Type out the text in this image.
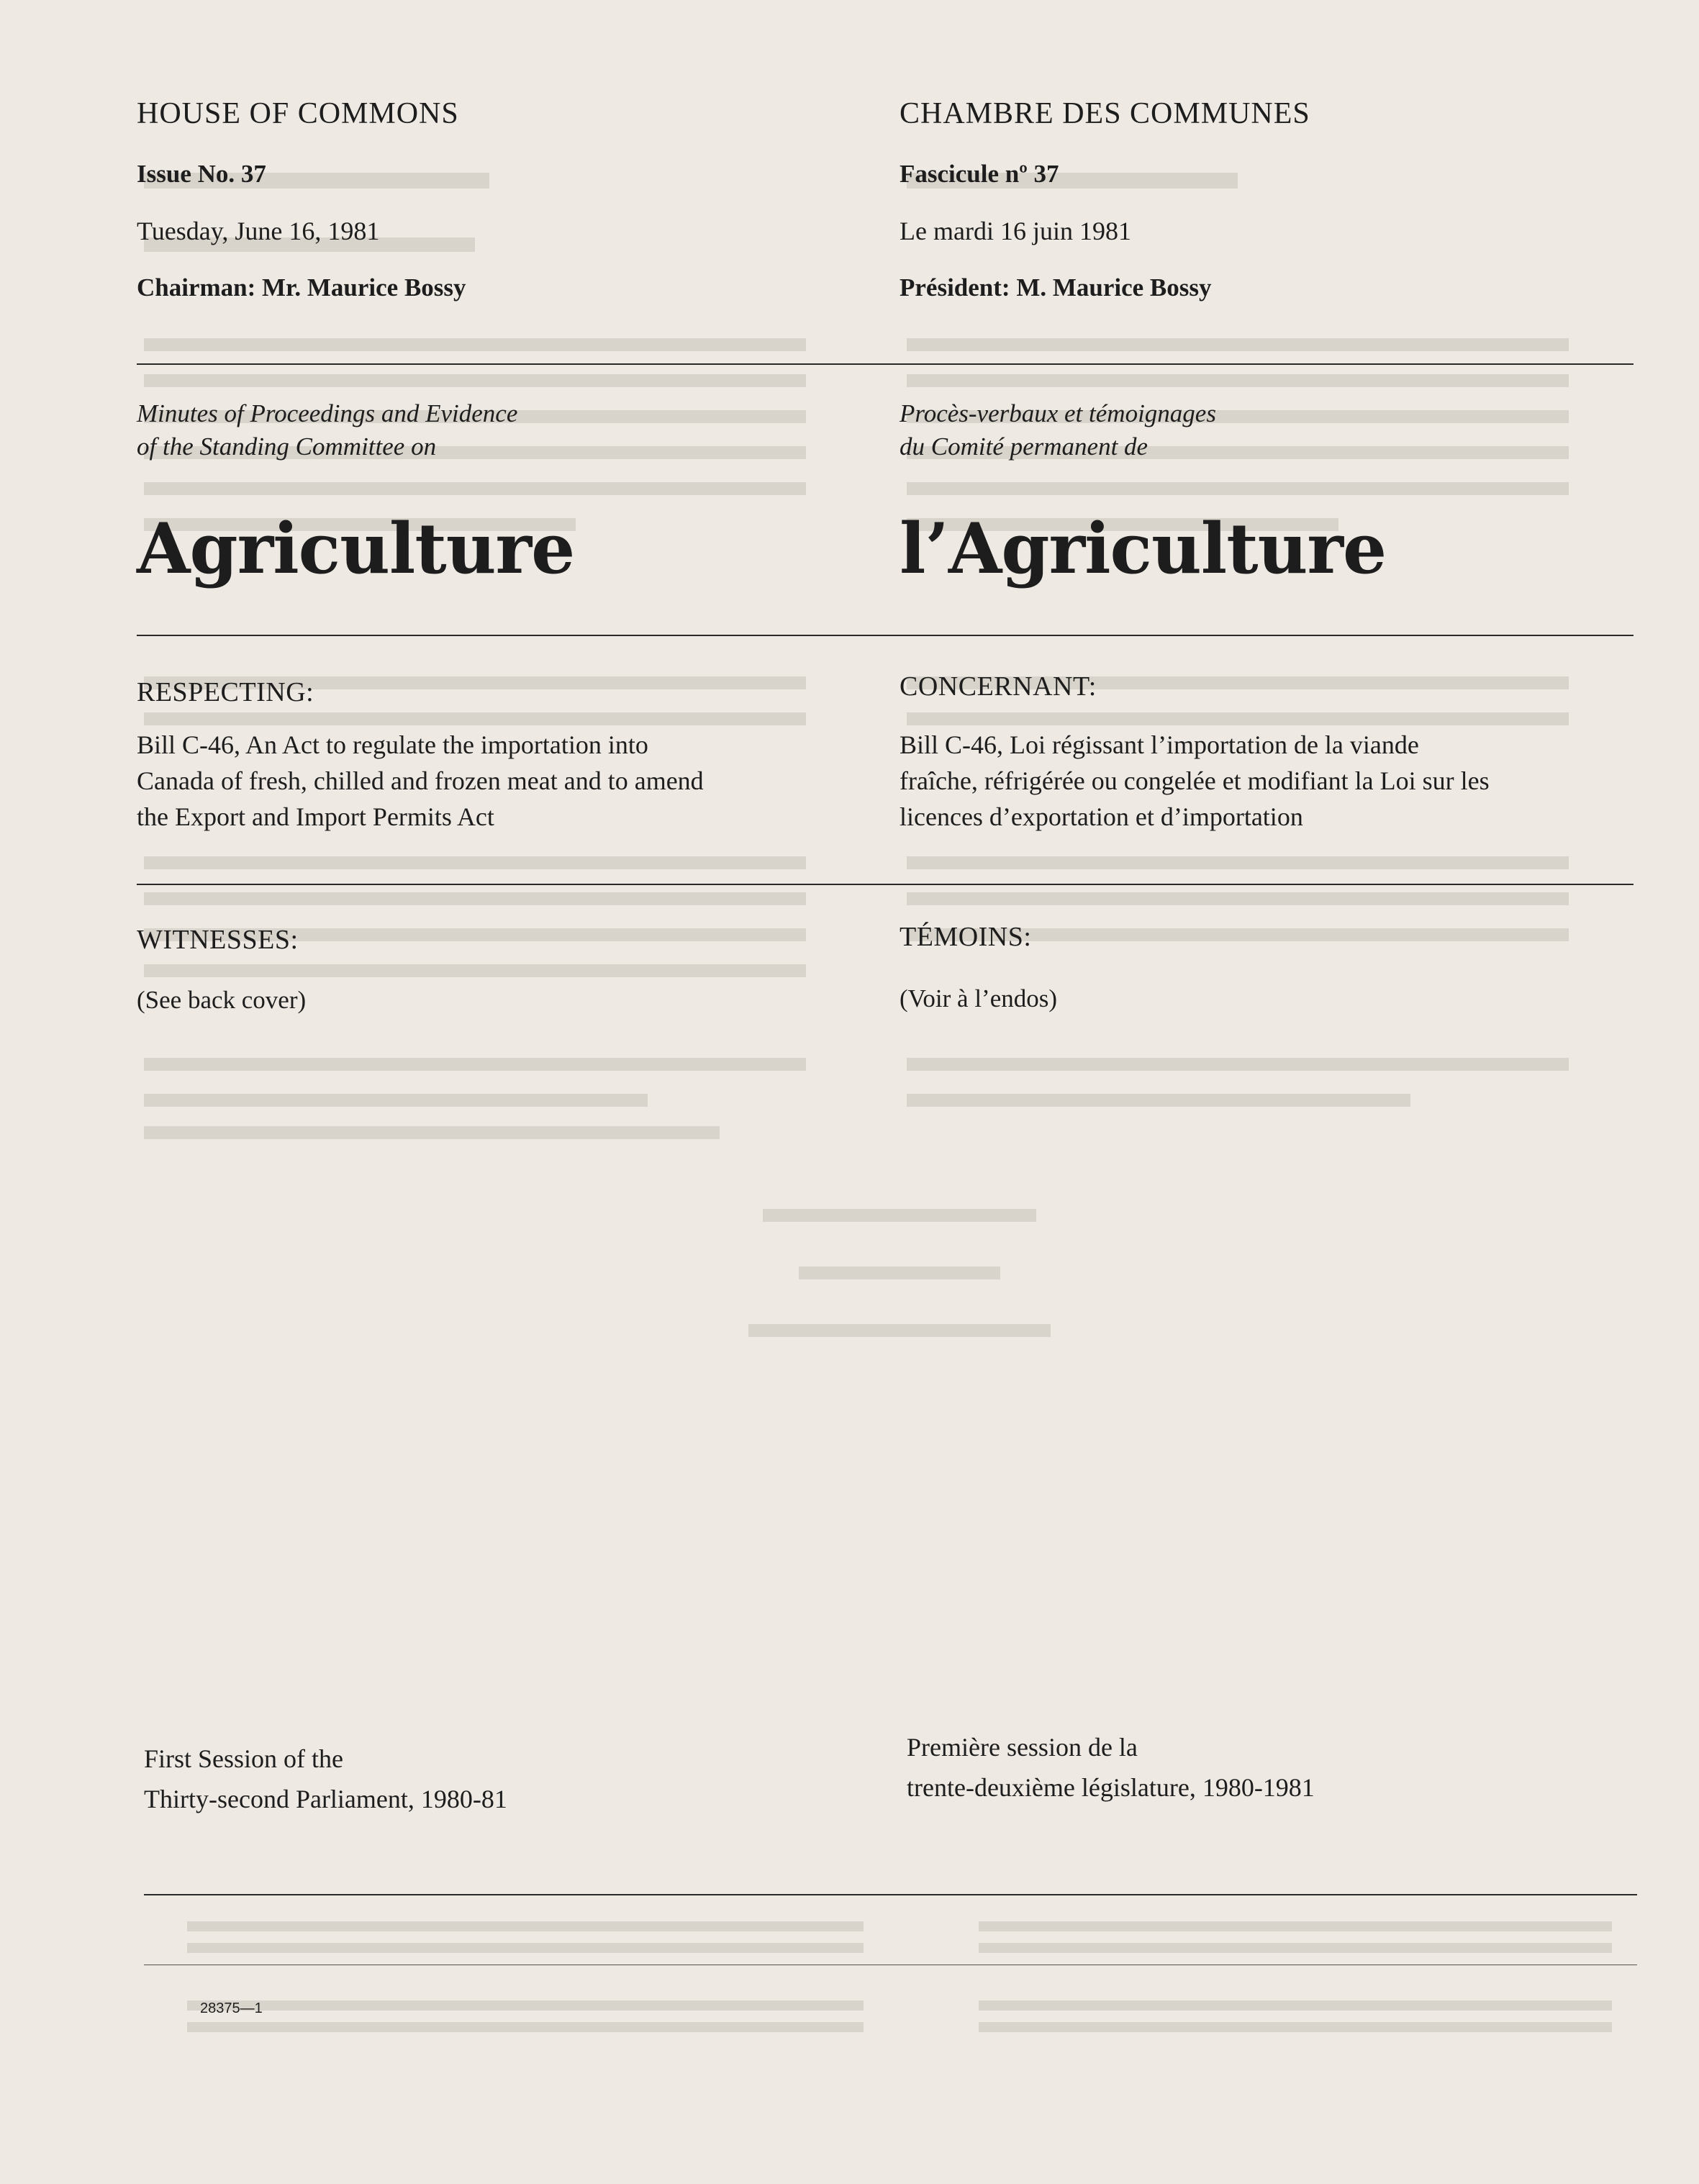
HOUSE OF COMMONS
Issue No. 37
Tuesday, June 16, 1981
Chairman: Mr. Maurice Bossy
CHAMBRE DES COMMUNES
Fascicule nº 37
Le mardi 16 juin 1981
Président: M. Maurice Bossy
Minutes of Proceedings and Evidence
of the Standing Committee on
Procès-verbaux et témoignages
du Comité permanent de
Agriculture	l’Agriculture
RESPECTING:	CONCERNANT:
Bill C-46, An Act to regulate the importation into
Canada of fresh, chilled and frozen meat and to amend
the Export and Import Permits Act
Bill C-46, Loi régissant l’importation de la viande
fraîche, réfrigérée ou congelée et modifiant la Loi sur les
licences d’exportation et d’importation
WITNESSES:	TÉMOINS:
(See back cover)	(Voir à l’endos)
First Session of the
Thirty-second Parliament, 1980-81
Première session de la
trente-deuxième législature, 1980-1981
28375—1
